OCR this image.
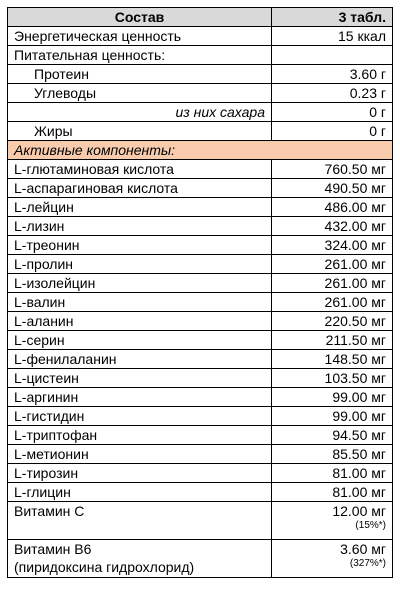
Состав	3 табл.
Энергетическая ценность	15 ккал
Питательная ценность:	
Протеин	3.60 г
Углеводы	0.23 г
из них сахара	0 г
Жиры	0 г
Активные компоненты:	
L-глютаминовая кислота	760.50 мг
L-аспарагиновая кислота	490.50 мг
L-лейцин	486.00 мг
L-лизин	432.00 мг
L-треонин	324.00 мг
L-пролин	261.00 мг
L-изолейцин	261.00 мг
L-валин	261.00 мг
L-аланин	220.50 мг
L-серин	211.50 мг
L-фенилаланин	148.50 мг
L-цистеин	103.50 мг
L-аргинин	99.00 мг
L-гистидин	99.00 мг
L-триптофан	94.50 мг
L-метионин	85.50 мг
L-тирозин	81.00 мг
L-глицин	81.00 мг

Витамин C	12.00 мг
(15%*)

Витамин B6
(пиридоксина гидрохлорид)	3.60 мг
(327%*)
